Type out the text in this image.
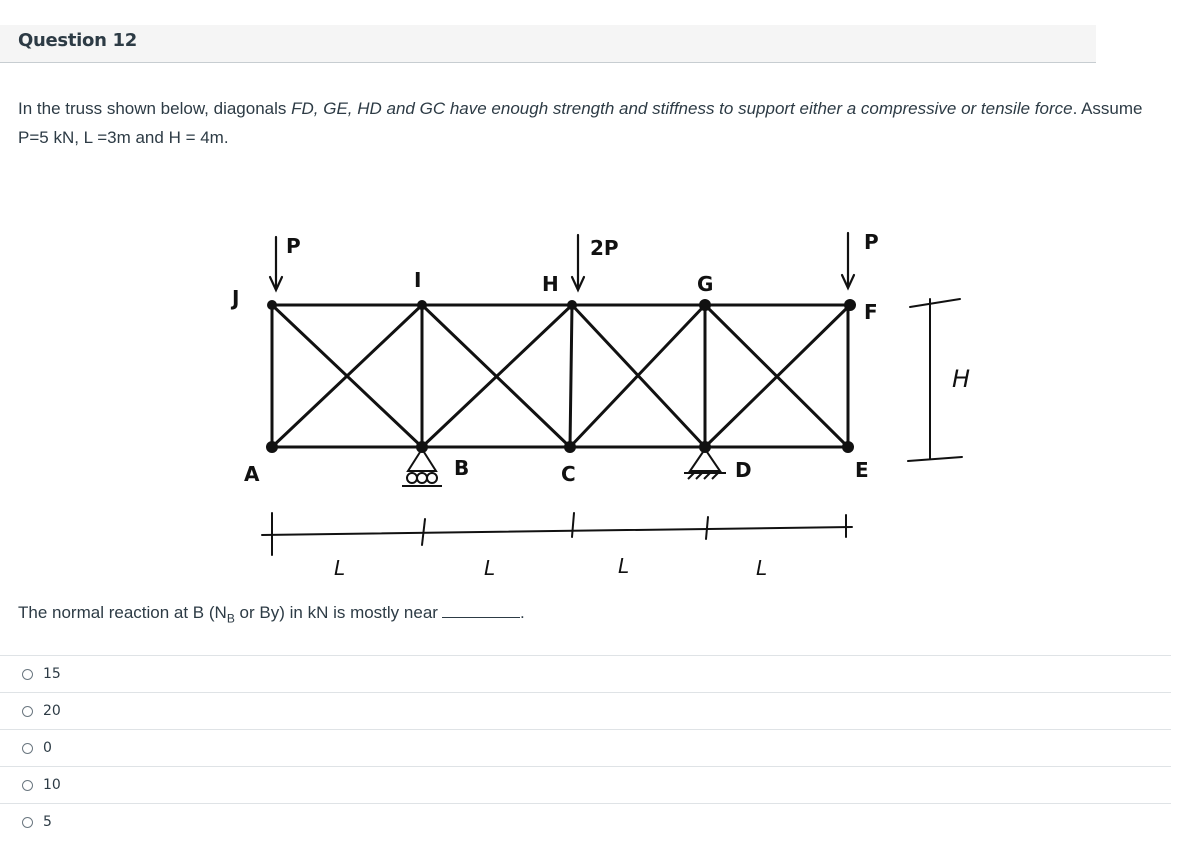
Question 12
In the truss shown below, diagonals FD, GE, HD and GC have enough strength and stiffness to support either a compressive or tensile force. Assume P=5 kN, L =3m and H = 4m.
J
I	H	G
F
A	B	C	D	E
P	2P	P
L	L	L	L
H
The normal reaction at B ($N_B$ or By) in kN is mostly near	.
15
20
0
10
5
